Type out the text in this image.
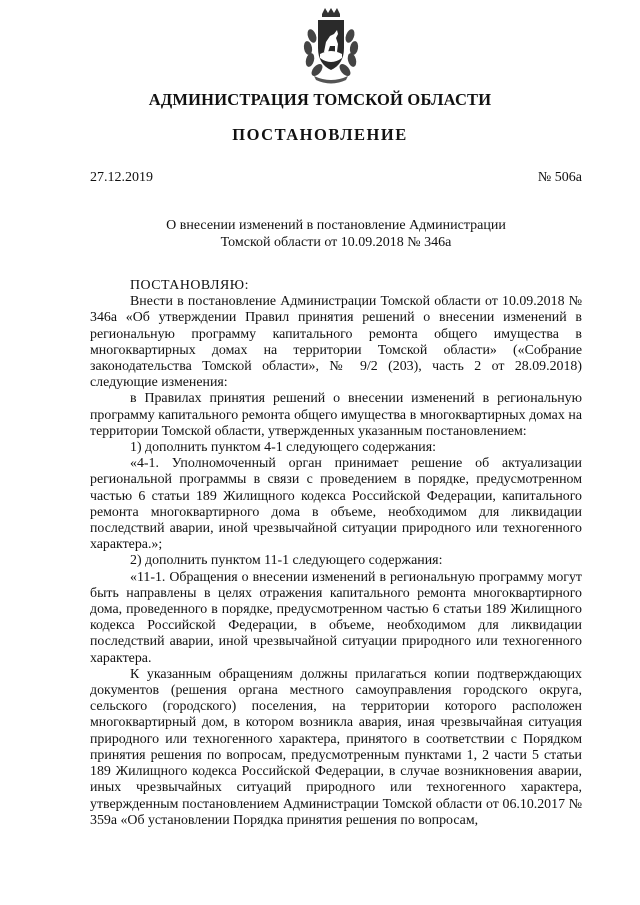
АДМИНИСТРАЦИЯ ТОМСКОЙ ОБЛАСТИ
ПОСТАНОВЛЕНИЕ
27.12.2019	№ 506а
О внесении изменений в постановление Администрации
Томской области от 10.09.2018 № 346а

ПОСТАНОВЛЯЮ:

Внести в постановление Администрации Томской области от 10.09.2018 № 346а «Об утверждении Правил принятия решений о внесении изменений в региональную программу капитального ремонта общего имущества в многоквартирных домах на территории Томской области» («Собрание законодательства Томской области», № 9/2 (203), часть 2 от 28.09.2018) следующие изменения:

в Правилах принятия решений о внесении изменений в региональную программу капитального ремонта общего имущества в многоквартирных домах на территории Томской области, утвержденных указанным постановлением:

1) дополнить пунктом 4-1 следующего содержания:

«4-1. Уполномоченный орган принимает решение об актуализации региональной программы в связи с проведением в порядке, предусмотренном частью 6 статьи 189 Жилищного кодекса Российской Федерации, капитального ремонта многоквартирного дома в объеме, необходимом для ликвидации последствий аварии, иной чрезвычайной ситуации природного или техногенного характера.»;

2) дополнить пунктом 11-1 следующего содержания:

«11-1. Обращения о внесении изменений в региональную программу могут быть направлены в целях отражения капитального ремонта многоквартирного дома, проведенного в порядке, предусмотренном частью 6 статьи 189 Жилищного кодекса Российской Федерации, в объеме, необходимом для ликвидации последствий аварии, иной чрезвычайной ситуации природного или техногенного характера.

К указанным обращениям должны прилагаться копии подтверждающих документов (решения органа местного самоуправления городского округа, сельского (городского) поселения, на территории которого расположен многоквартирный дом, в котором возникла авария, иная чрезвычайная ситуация природного или техногенного характера, принятого в соответствии с Порядком принятия решения по вопросам, предусмотренным пунктами 1, 2 части 5 статьи 189 Жилищного кодекса Российской Федерации, в случае возникновения аварии, иных чрезвычайных ситуаций природного или техногенного характера, утвержденным постановлением Администрации Томской области от 06.10.2017 № 359а «Об установлении Порядка принятия решения по вопросам,
